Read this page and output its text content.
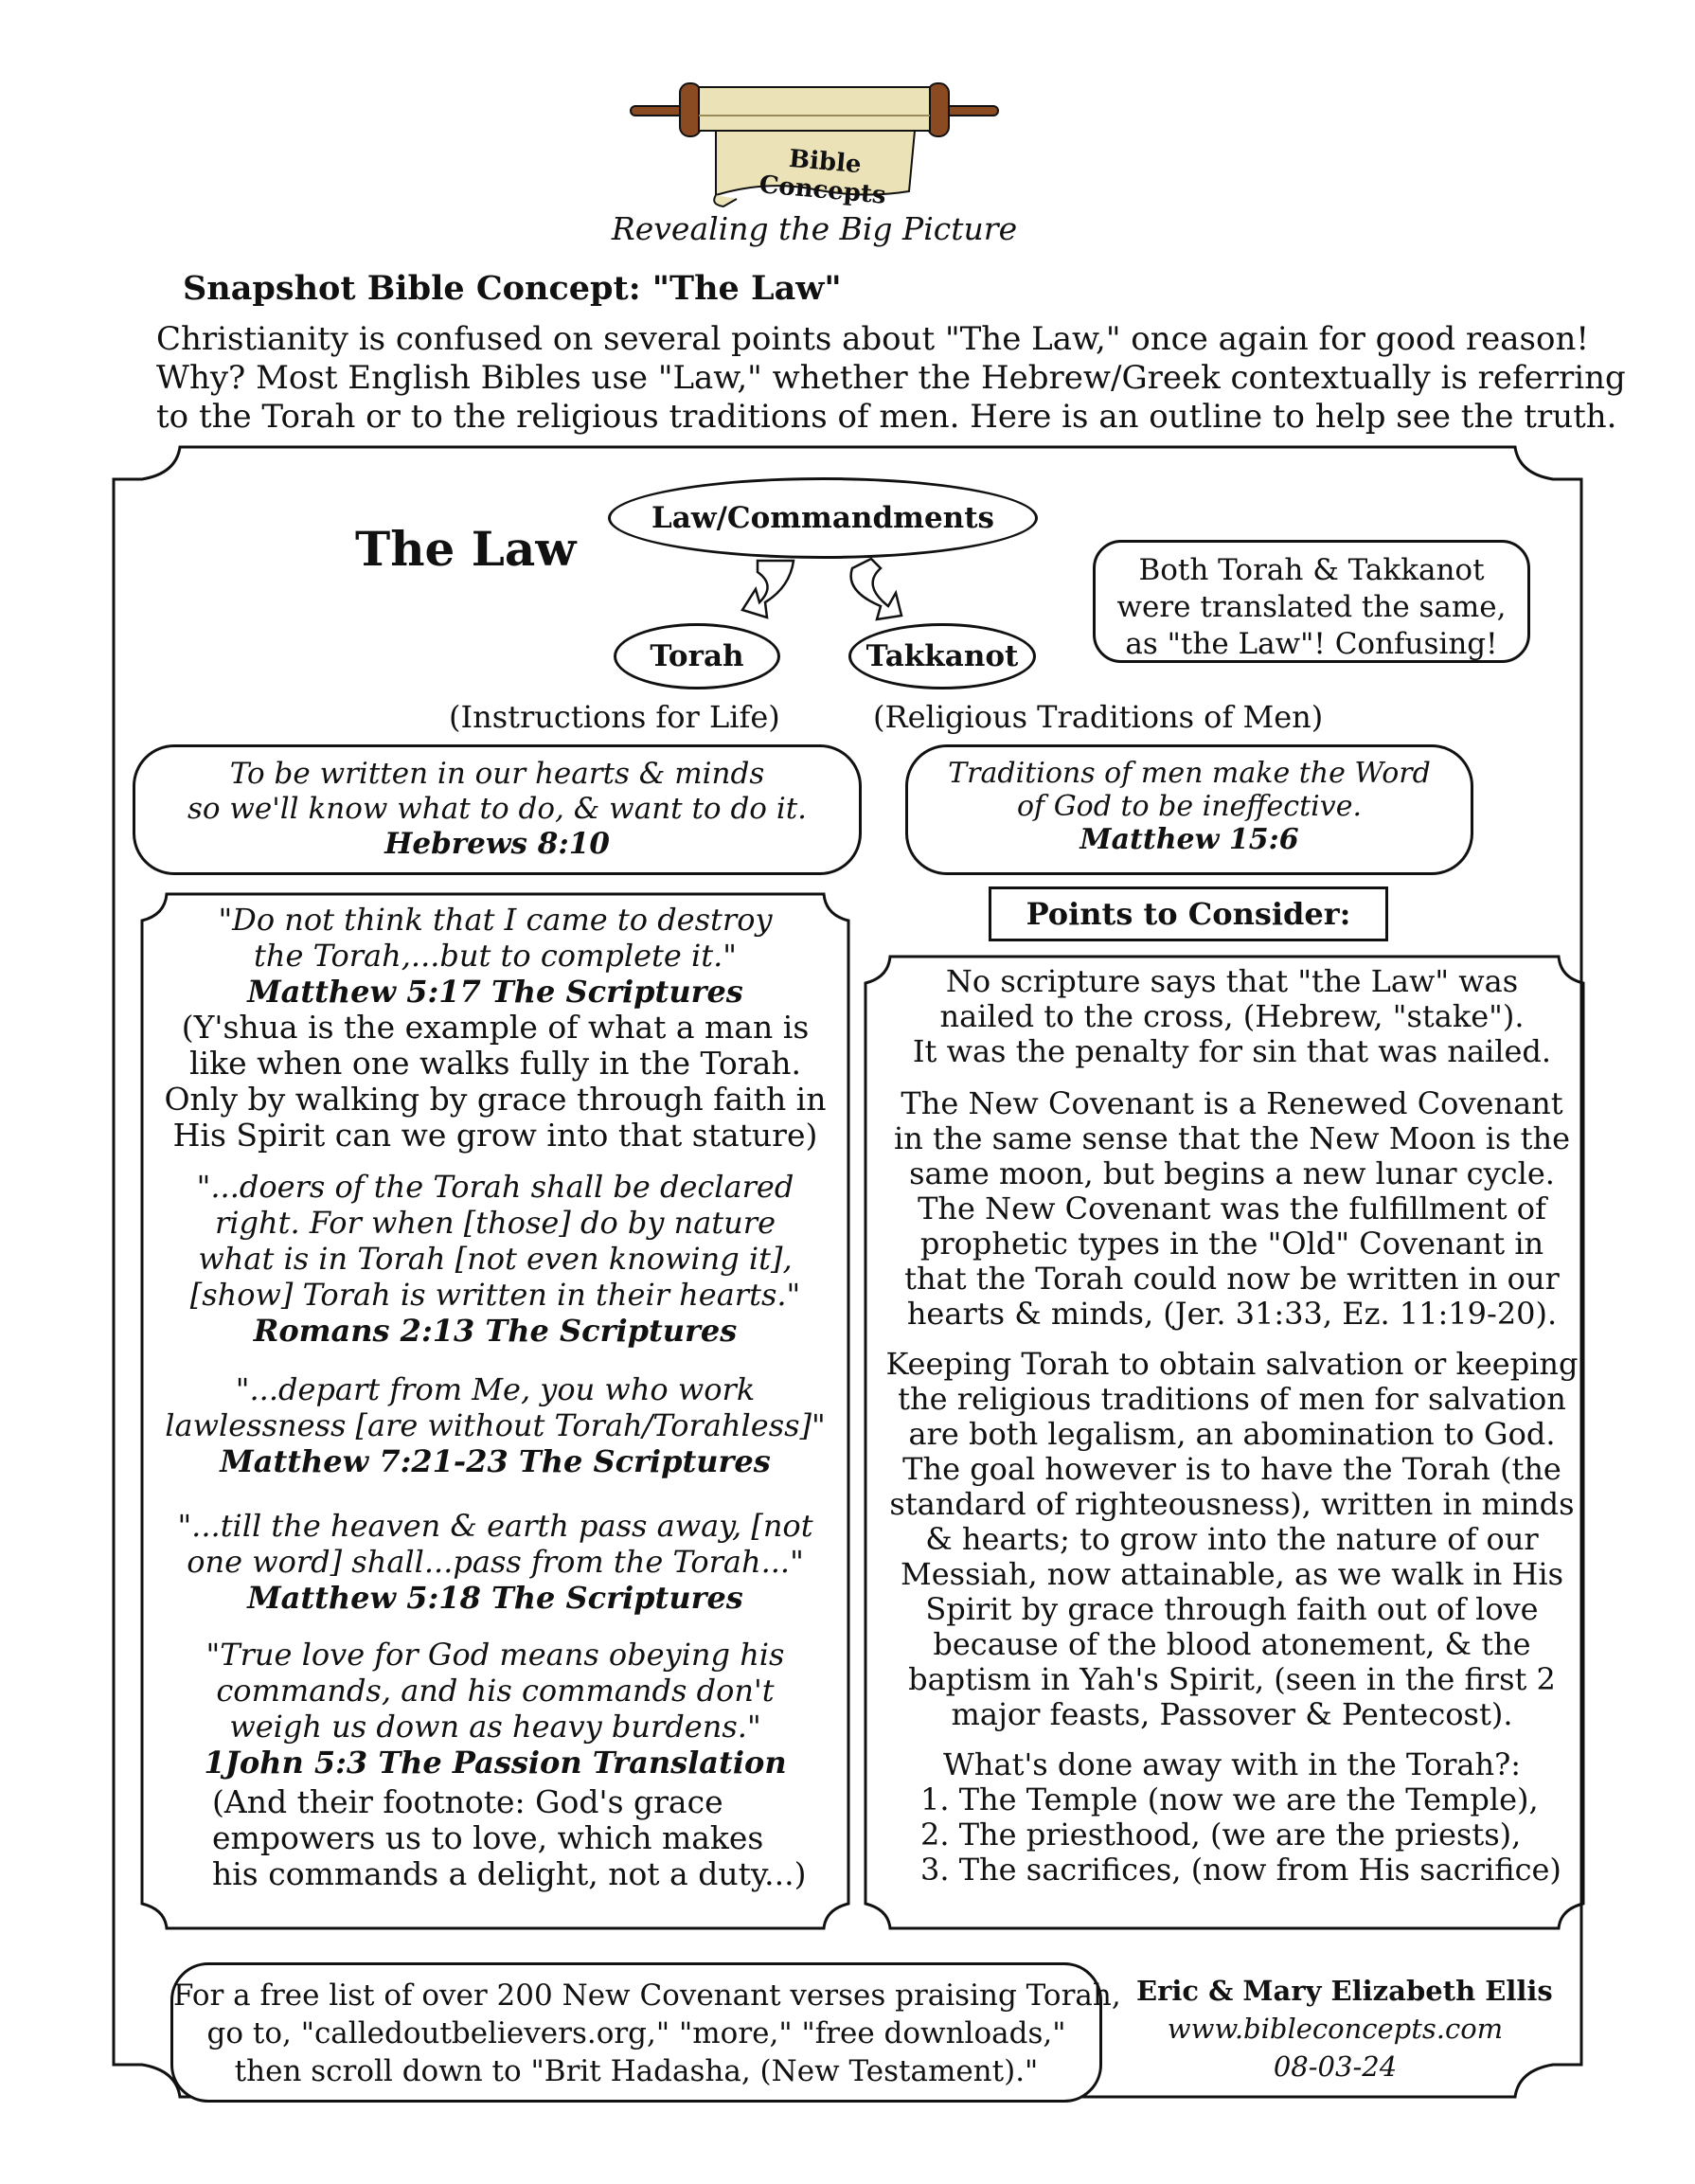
Bible Concepts
Revealing the Big Picture
Snapshot Bible Concept: "The Law"
Christianity is confused on several points about "The Law," once again for good reason!
Why? Most English Bibles use "Law," whether the Hebrew/Greek contextually is referring
to the Torah or to the religious traditions of men. Here is an outline to help see the truth.
The Law
Law/Commandments
Torah	Takkanot
(Instructions for Life)	(Religious Traditions of Men)
Both Torah & Takkanot
were translated the same,
as "the Law"! Confusing!
To be written in our hearts & minds
so we'll know what to do, & want to do it.
Hebrews 8:10
Traditions of men make the Word
of God to be ineffective.
Matthew 15:6
"Do not think that I came to destroy
the Torah,...but to complete it."
Matthew 5:17 The Scriptures
(Y'shua is the example of what a man is
like when one walks fully in the Torah.
Only by walking by grace through faith in
His Spirit can we grow into that stature)
"...doers of the Torah shall be declared
right. For when [those] do by nature
what is in Torah [not even knowing it],
[show] Torah is written in their hearts."
Romans 2:13 The Scriptures
"...depart from Me, you who work
lawlessness [are without Torah/Torahless]"
Matthew 7:21-23 The Scriptures
"...till the heaven & earth pass away, [not
one word] shall...pass from the Torah..."
Matthew 5:18 The Scriptures
"True love for God means obeying his
commands, and his commands don't
weigh us down as heavy burdens."
1John 5:3 The Passion Translation
(And their footnote: God's grace
empowers us to love, which makes
his commands a delight, not a duty...)
Points to Consider:
No scripture says that "the Law" was
nailed to the cross, (Hebrew, "stake").
It was the penalty for sin that was nailed.
The New Covenant is a Renewed Covenant
in the same sense that the New Moon is the
same moon, but begins a new lunar cycle.
The New Covenant was the fulfillment of
prophetic types in the "Old" Covenant in
that the Torah could now be written in our
hearts & minds, (Jer. 31:33, Ez. 11:19-20).
Keeping Torah to obtain salvation or keeping
the religious traditions of men for salvation
are both legalism, an abomination to God.
The goal however is to have the Torah (the
standard of righteousness), written in minds
& hearts; to grow into the nature of our
Messiah, now attainable, as we walk in His
Spirit by grace through faith out of love
because of the blood atonement, & the
baptism in Yah's Spirit, (seen in the first 2
major feasts, Passover & Pentecost).
What's done away with in the Torah?:
1. The Temple (now we are the Temple),
2. The priesthood, (we are the priests),
3. The sacrifices, (now from His sacrifice)
For a free list of over 200 New Covenant verses praising Torah,
go to, "calledoutbelievers.org," "more," "free downloads,"
then scroll down to "Brit Hadasha, (New Testament)."
Eric & Mary Elizabeth Ellis
www.bibleconcepts.com
08-03-24
